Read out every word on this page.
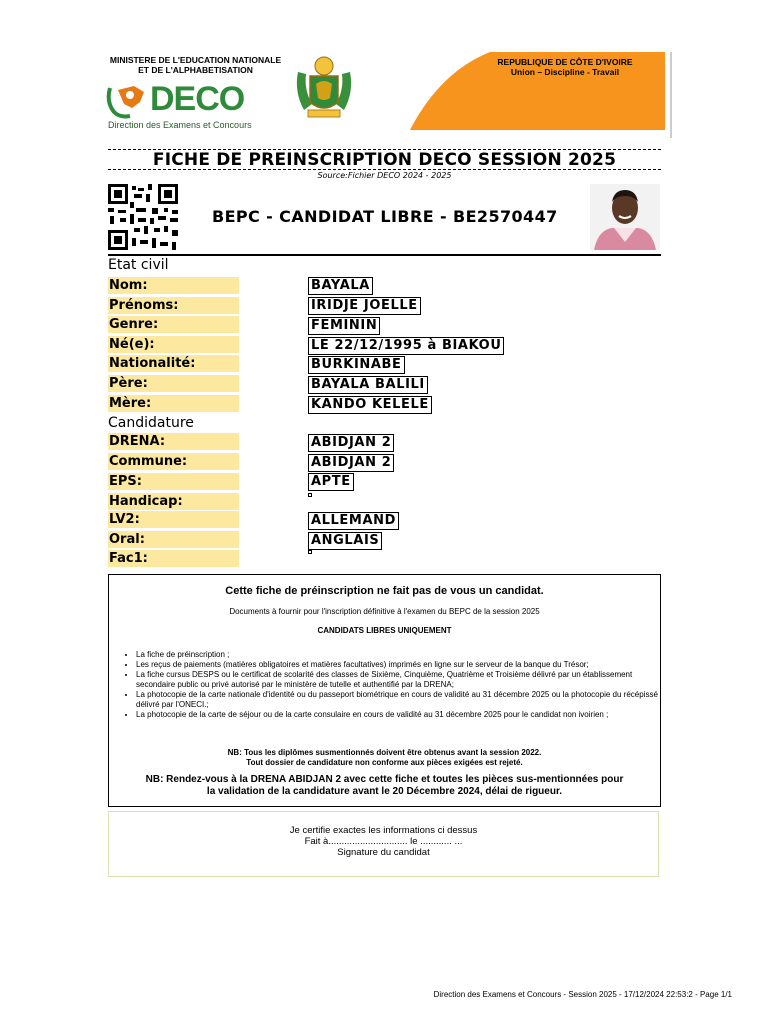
MINISTERE DE L'EDUCATION NATIONALE
ET DE L'ALPHABETISATION
DECO
Direction des Examens et Concours
REPUBLIQUE DE CÔTE D'IVOIRE
Union – Discipline - Travail
FICHE DE PREINSCRIPTION DECO SESSION 2025
Source:Fichier DECO 2024 - 2025
BEPC - CANDIDAT LIBRE - BE2570447
Etat civil
Nom:	BAYALA
Prénoms:	IRIDJE JOELLE
Genre:	FEMININ
Né(e):	LE 22/12/1995 à BIAKOU
Nationalité:	BURKINABE
Père:	BAYALA BALILI
Mère:	KANDO KELELE
Candidature
DRENA:	ABIDJAN 2
Commune:	ABIDJAN 2
EPS:	APTE
Handicap:
LV2:	ALLEMAND
Oral:	ANGLAIS
Fac1:
Cette fiche de préinscription ne fait pas de vous un candidat.
Documents à fournir pour l'inscription définitive à l'examen du BEPC de la session 2025
CANDIDATS LIBRES UNIQUEMENT
• La fiche de préinscription ;
• Les reçus de paiements (matières obligatoires et matières facultatives) imprimés en ligne sur le serveur de la banque du Trésor;
• La fiche cursus DESPS ou le certificat de scolarité des classes de Sixième, Cinquième, Quatrième et Troisième délivré par un établissement secondaire public ou privé autorisé par le ministère de tutelle et authentifié par la DRENA;
• La photocopie de la carte nationale d'identité ou du passeport biométrique en cours de validité au 31 décembre 2025 ou la photocopie du récépissé délivré par l'ONECI.;
• La photocopie de la carte de séjour ou de la carte consulaire en cours de validité au 31 décembre 2025 pour le candidat non ivoirien ;
NB: Tous les diplômes susmentionnés doivent être obtenus avant la session 2022.
Tout dossier de candidature non conforme aux pièces exigées est rejeté.
NB: Rendez-vous à la DRENA ABIDJAN 2 avec cette fiche et toutes les pièces sus-mentionnées pour
la validation de la candidature avant le 20 Décembre 2024, délai de rigueur.
Je certifie exactes les informations ci dessus
Fait à.............................. le ............ ...
Signature du candidat
Direction des Examens et Concours - Session 2025 - 17/12/2024 22:53:2 - Page 1/1
